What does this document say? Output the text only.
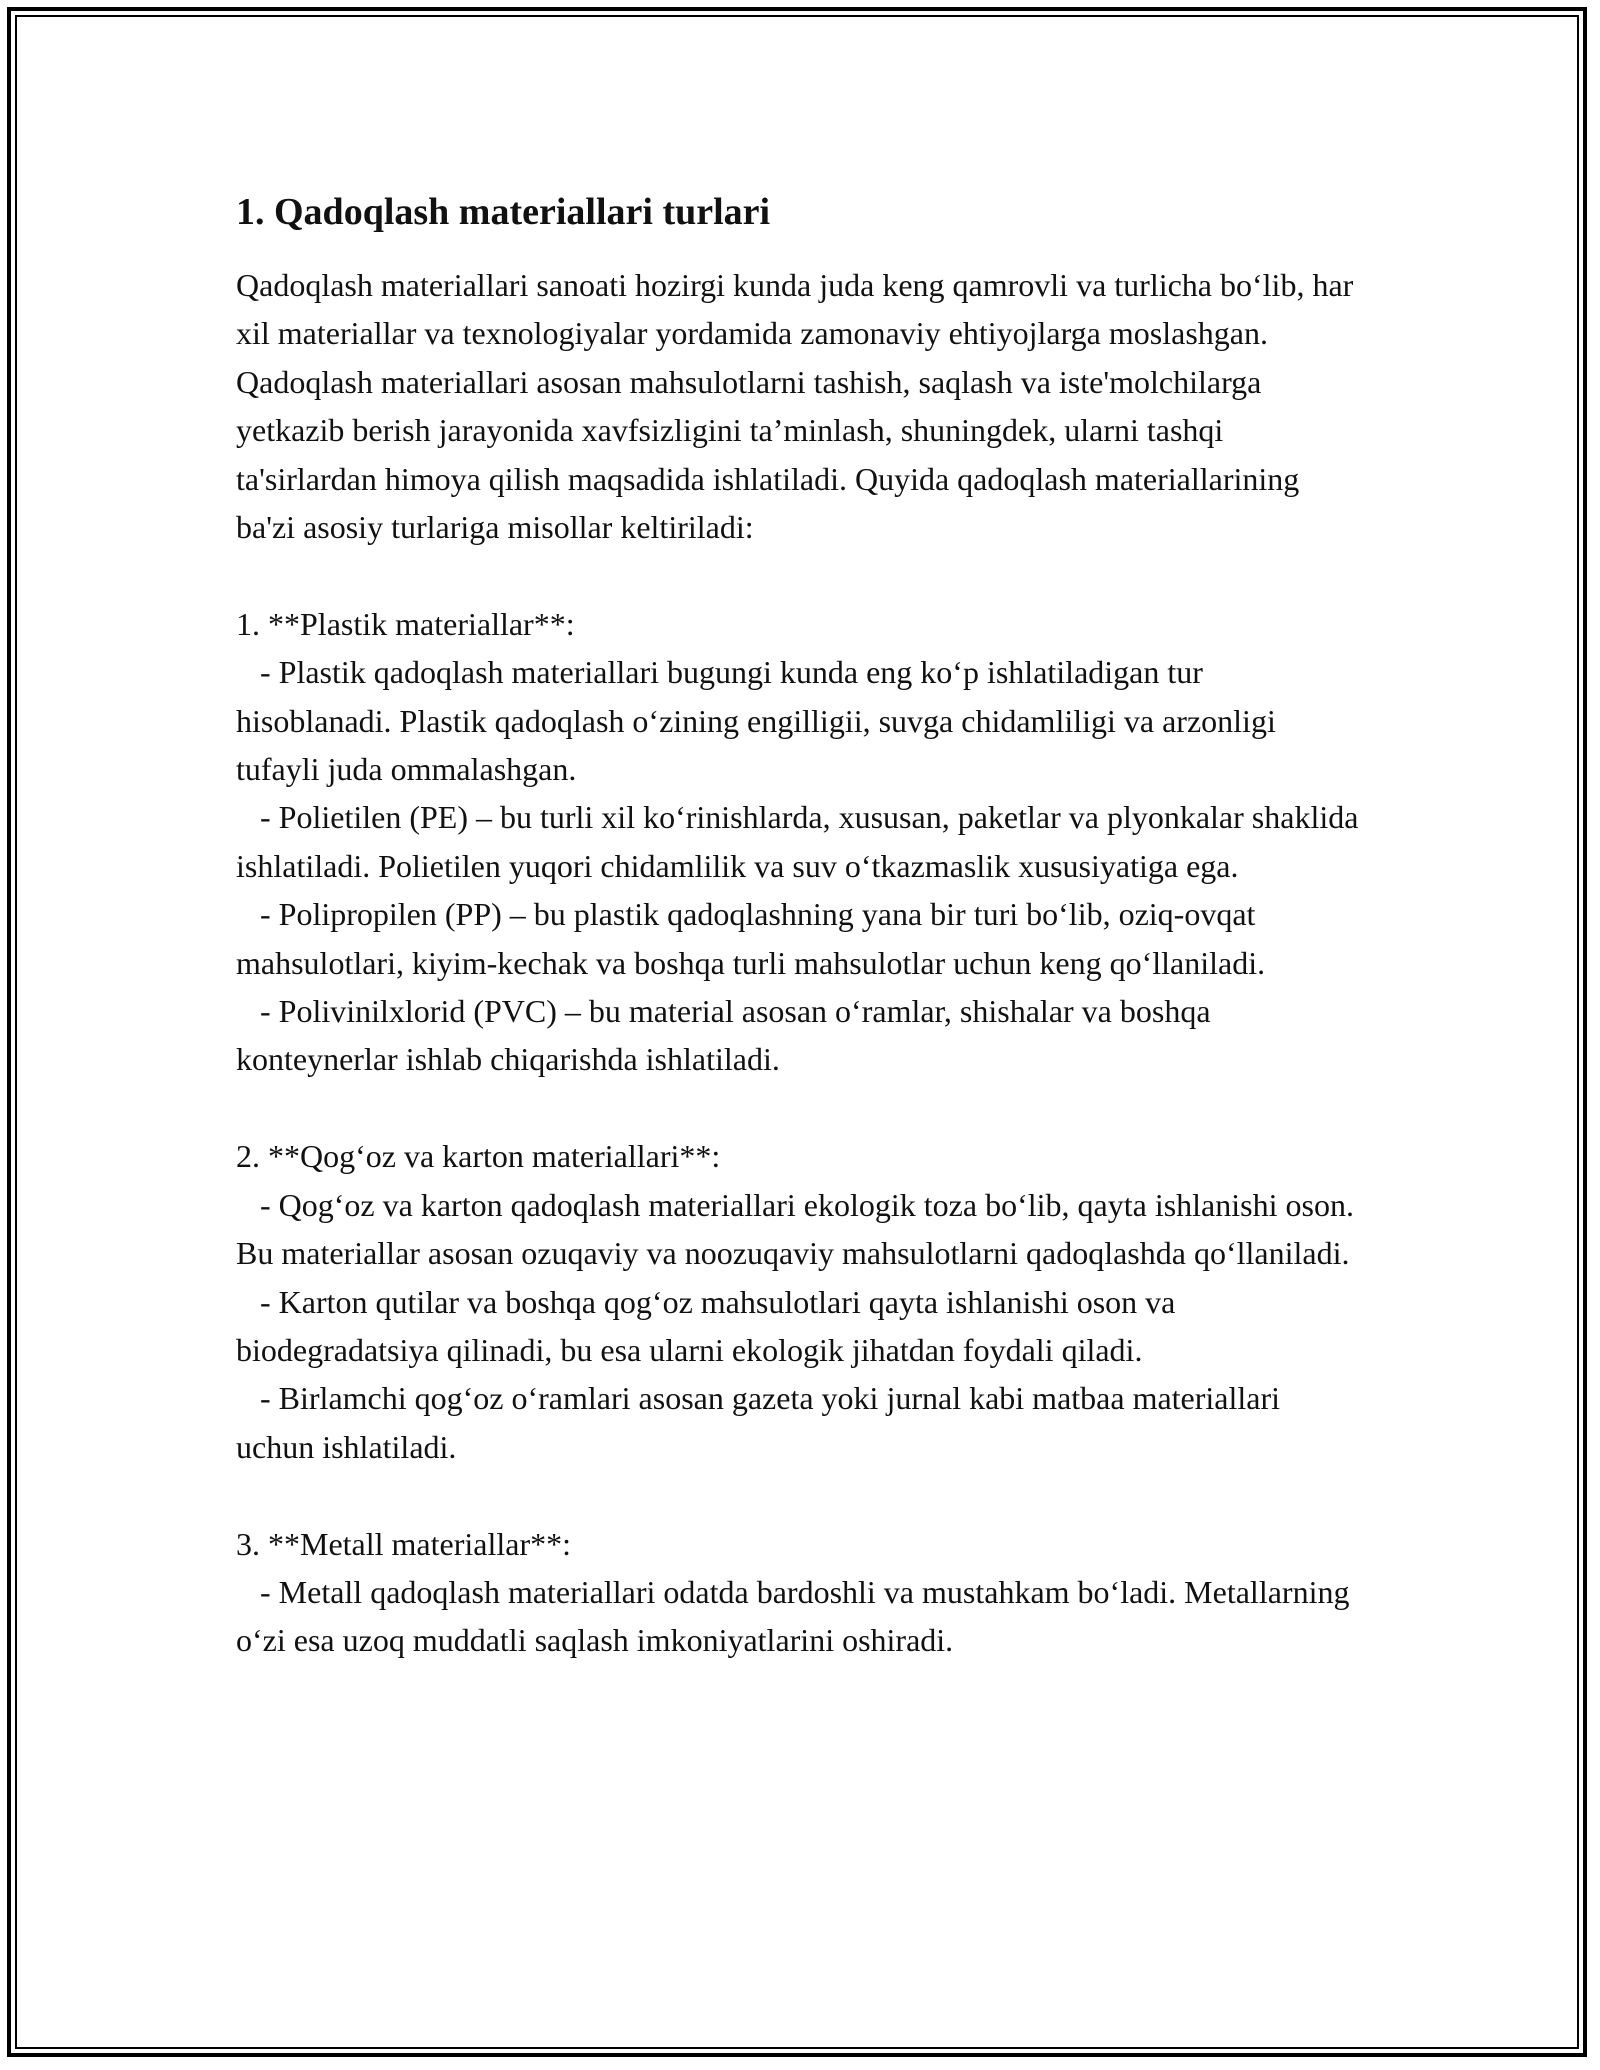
1. Qadoqlash materiallari turlari

Qadoqlash materiallari sanoati hozirgi kunda juda keng qamrovli va turlicha bo‘lib, har xil materiallar va texnologiyalar yordamida zamonaviy ehtiyojlarga moslashgan. Qadoqlash materiallari asosan mahsulotlarni tashish, saqlash va iste'molchilarga yetkazib berish jarayonida xavfsizligini ta’minlash, shuningdek, ularni tashqi ta'sirlardan himoya qilish maqsadida ishlatiladi. Quyida qadoqlash materiallarining ba'zi asosiy turlariga misollar keltiriladi:

1. **Plastik materiallar**:

- Plastik qadoqlash materiallari bugungi kunda eng ko‘p ishlatiladigan tur hisoblanadi. Plastik qadoqlash o‘zining engilligii, suvga chidamliligi va arzonligi tufayli juda ommalashgan.

- Polietilen (PE) – bu turli xil ko‘rinishlarda, xususan, paketlar va plyonkalar shaklida ishlatiladi. Polietilen yuqori chidamlilik va suv o‘tkazmaslik xususiyatiga ega.

- Polipropilen (PP) – bu plastik qadoqlashning yana bir turi bo‘lib, oziq-ovqat mahsulotlari, kiyim-kechak va boshqa turli mahsulotlar uchun keng qo‘llaniladi.

- Polivinilxlorid (PVC) – bu material asosan o‘ramlar, shishalar va boshqa konteynerlar ishlab chiqarishda ishlatiladi.

2. **Qog‘oz va karton materiallari**:

- Qog‘oz va karton qadoqlash materiallari ekologik toza bo‘lib, qayta ishlanishi oson. Bu materiallar asosan ozuqaviy va noozuqaviy mahsulotlarni qadoqlashda qo‘llaniladi.

- Karton qutilar va boshqa qog‘oz mahsulotlari qayta ishlanishi oson va biodegradatsiya qilinadi, bu esa ularni ekologik jihatdan foydali qiladi.

- Birlamchi qog‘oz o‘ramlari asosan gazeta yoki jurnal kabi matbaa materiallari uchun ishlatiladi.

3. **Metall materiallar**:

- Metall qadoqlash materiallari odatda bardoshli va mustahkam bo‘ladi. Metallarning o‘zi esa uzoq muddatli saqlash imkoniyatlarini oshiradi.
